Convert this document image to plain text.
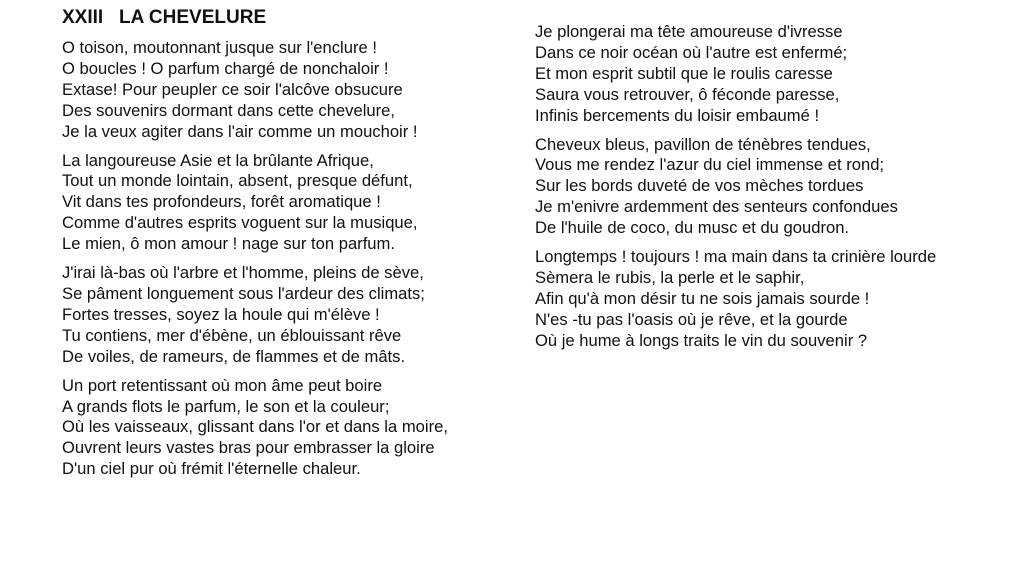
XXIII LA CHEVELURE
O toison, moutonnant jusque sur l'enclure !
O boucles ! O parfum chargé de nonchaloir !
Extase! Pour peupler ce soir l'alcôve obsucure
Des souvenirs dormant dans cette chevelure,
Je la veux agiter dans l'air comme un mouchoir !
La langoureuse Asie et la brûlante Afrique,
Tout un monde lointain, absent, presque défunt,
Vit dans tes profondeurs, forêt aromatique !
Comme d'autres esprits voguent sur la musique,
Le mien, ô mon amour ! nage sur ton parfum.
J'irai là-bas où l'arbre et l'homme, pleins de sève,
Se pâment longuement sous l'ardeur des climats;
Fortes tresses, soyez la houle qui m'élève !
Tu contiens, mer d'ébène, un éblouissant rêve
De voiles, de rameurs, de flammes et de mâts.
Un port retentissant où mon âme peut boire
A grands flots le parfum, le son et la couleur;
Où les vaisseaux, glissant dans l'or et dans la moire,
Ouvrent leurs vastes bras pour embrasser la gloire
D'un ciel pur où frémit l'éternelle chaleur.
Je plongerai ma tête amoureuse d'ivresse
Dans ce noir océan où l'autre est enfermé;
Et mon esprit subtil que le roulis caresse
Saura vous retrouver, ô féconde paresse,
Infinis bercements du loisir embaumé !
Cheveux bleus, pavillon de ténèbres tendues,
Vous me rendez l'azur du ciel immense et rond;
Sur les bords duveté de vos mèches tordues
Je m'enivre ardemment des senteurs confondues
De l'huile de coco, du musc et du goudron.
Longtemps ! toujours ! ma main dans ta crinière lourde
Sèmera le rubis, la perle et le saphir,
Afin qu'à mon désir tu ne sois jamais sourde !
N'es -tu pas l'oasis où je rêve, et la gourde
Où je hume à longs traits le vin du souvenir ?
